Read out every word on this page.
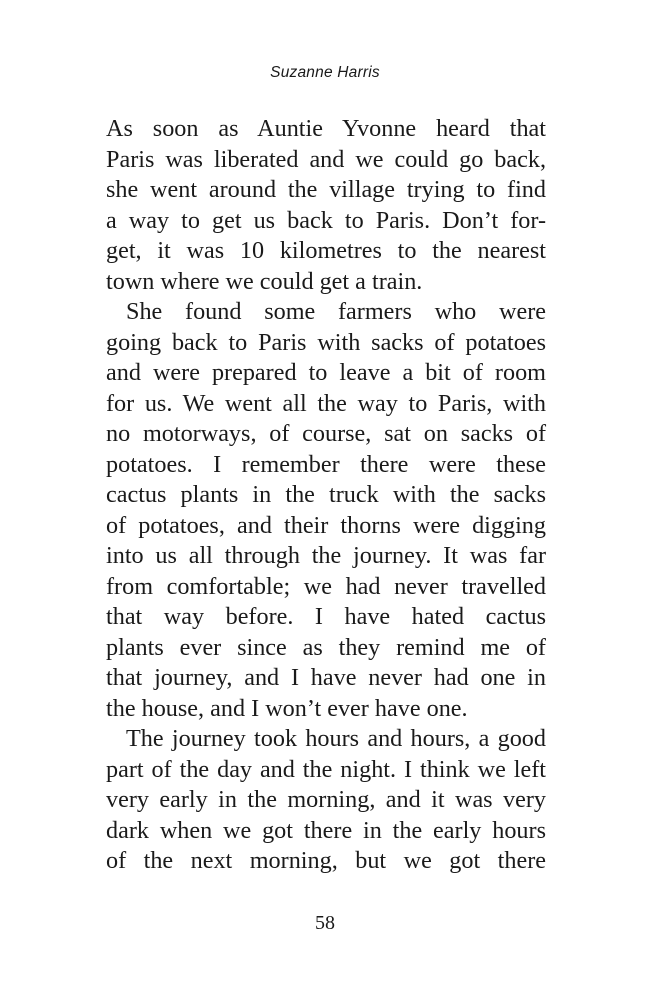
Suzanne Harris
As soon as Auntie Yvonne heard that
Paris was liberated and we could go back,
she went around the village trying to find
a way to get us back to Paris. Don’t for-
get, it was 10 kilometres to the nearest
town where we could get a train.
She found some farmers who were
going back to Paris with sacks of potatoes
and were prepared to leave a bit of room
for us. We went all the way to Paris, with
no motorways, of course, sat on sacks of
potatoes. I remember there were these
cactus plants in the truck with the sacks
of potatoes, and their thorns were digging
into us all through the journey. It was far
from comfortable; we had never travelled
that way before. I have hated cactus
plants ever since as they remind me of
that journey, and I have never had one in
the house, and I won’t ever have one.
The journey took hours and hours, a good
part of the day and the night. I think we left
very early in the morning, and it was very
dark when we got there in the early hours
of the next morning, but we got there
58
